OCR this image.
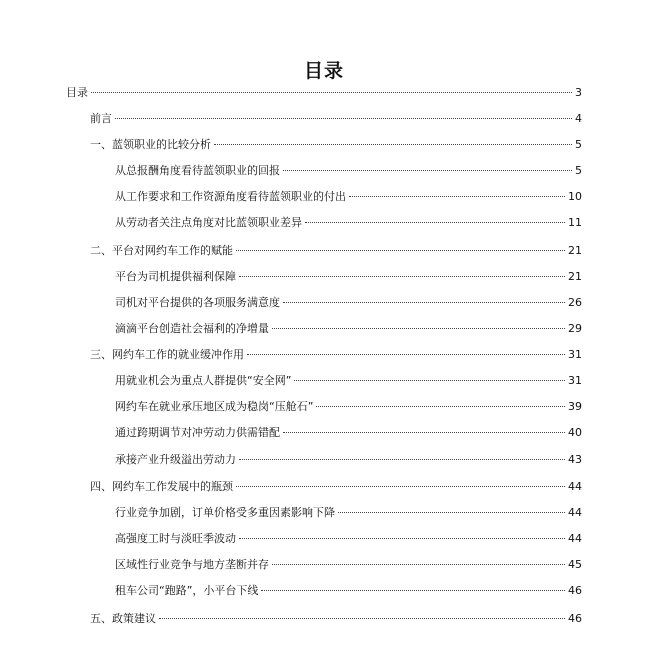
目录
目录	3
前言	4
一、蓝领职业的比较分析	5
从总报酬角度看待蓝领职业的回报	5
从工作要求和工作资源角度看待蓝领职业的付出	10
从劳动者关注点角度对比蓝领职业差异	11
二、平台对网约车工作的赋能	21
平台为司机提供福利保障	21
司机对平台提供的各项服务满意度	26
滴滴平台创造社会福利的净增量	29
三、网约车工作的就业缓冲作用	31
用就业机会为重点人群提供“安全网”	31
网约车在就业承压地区成为稳岗“压舱石”	39
通过跨期调节对冲劳动力供需错配	40
承接产业升级溢出劳动力	43
四、网约车工作发展中的瓶颈	44
行业竞争加剧，订单价格受多重因素影响下降	44
高强度工时与淡旺季波动	44
区域性行业竞争与地方垄断并存	45
租车公司“跑路”，小平台下线	46
五、政策建议	46
